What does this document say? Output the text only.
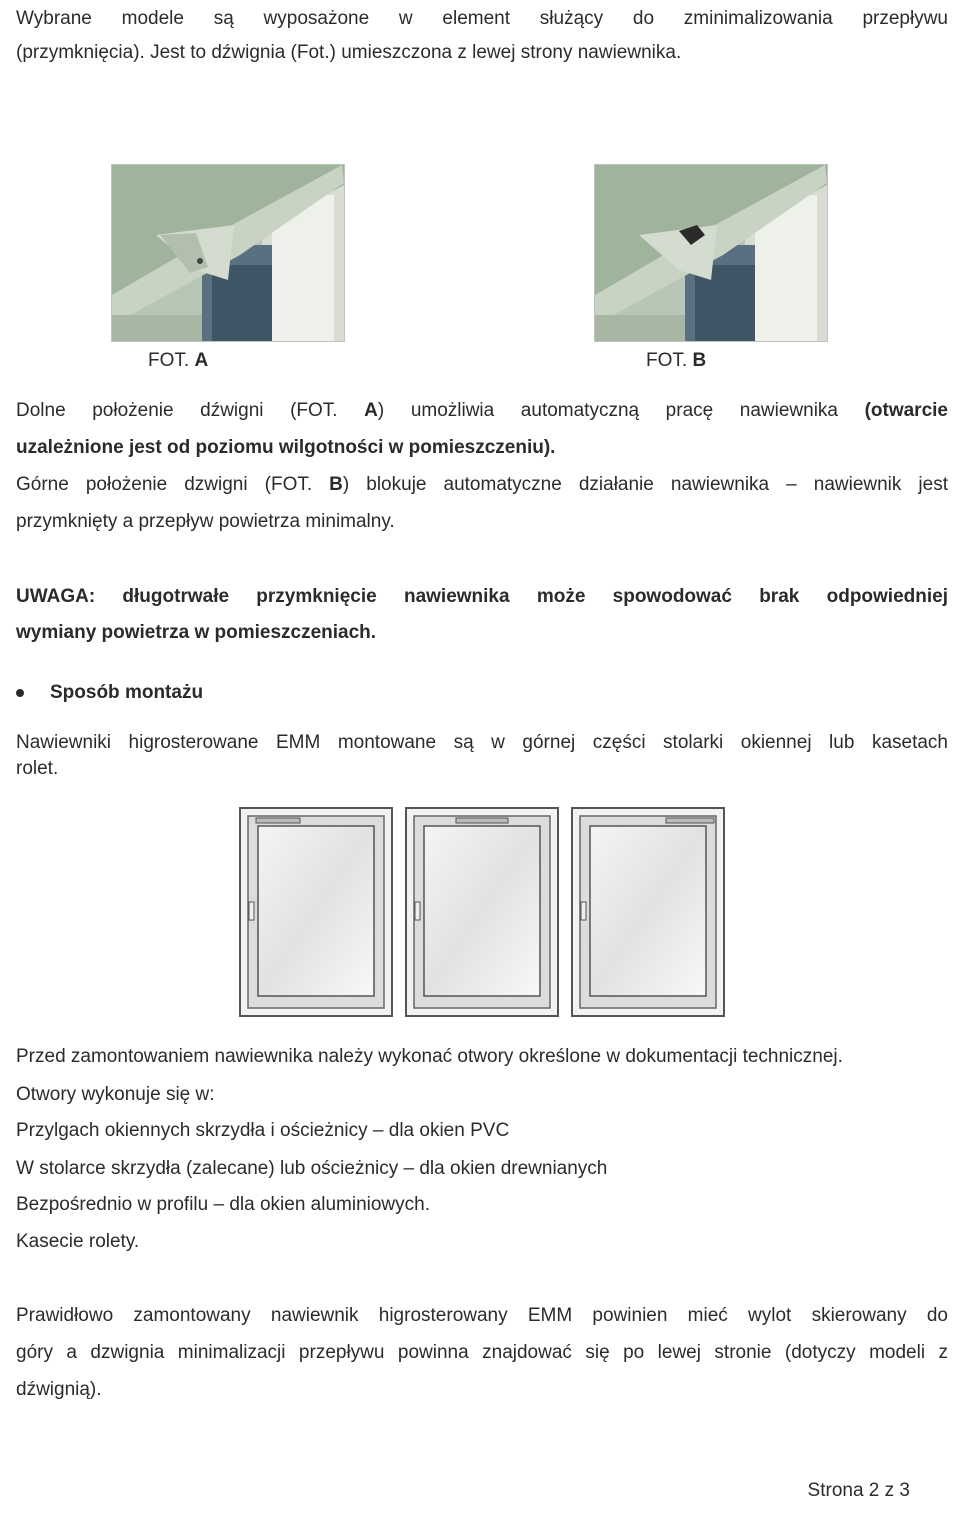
Wybrane modele są wyposażone w element służący do zminimalizowania przepływu
(przymknięcia). Jest to dźwignia (Fot.) umieszczona z lewej strony nawiewnika.
FOT. A	FOT. B
Dolne położenie dźwigni (FOT. A) umożliwia automatyczną pracę nawiewnika (otwarcie
uzależnione jest od poziomu wilgotności w pomieszczeniu).
Górne położenie dzwigni (FOT. B) blokuje automatyczne działanie nawiewnika – nawiewnik jest
przymknięty a przepływ powietrza minimalny.
UWAGA: długotrwałe przymknięcie nawiewnika może spowodować brak odpowiedniej
wymiany powietrza w pomieszczeniach.
Sposób montażu
Nawiewniki higrosterowane EMM montowane są w górnej części stolarki okiennej lub kasetach
rolet.
Przed zamontowaniem nawiewnika należy wykonać otwory określone w dokumentacji technicznej.
Otwory wykonuje się w:
Przylgach okiennych skrzydła i ościeżnicy – dla okien PVC
W stolarce skrzydła (zalecane) lub ościeżnicy – dla okien drewnianych
Bezpośrednio w profilu – dla okien aluminiowych.
Kasecie rolety.
Prawidłowo zamontowany nawiewnik higrosterowany EMM powinien mieć wylot skierowany do
góry a dzwignia minimalizacji przepływu powinna znajdować się po lewej stronie (dotyczy modeli z
dźwignią).
Strona 2 z 3
